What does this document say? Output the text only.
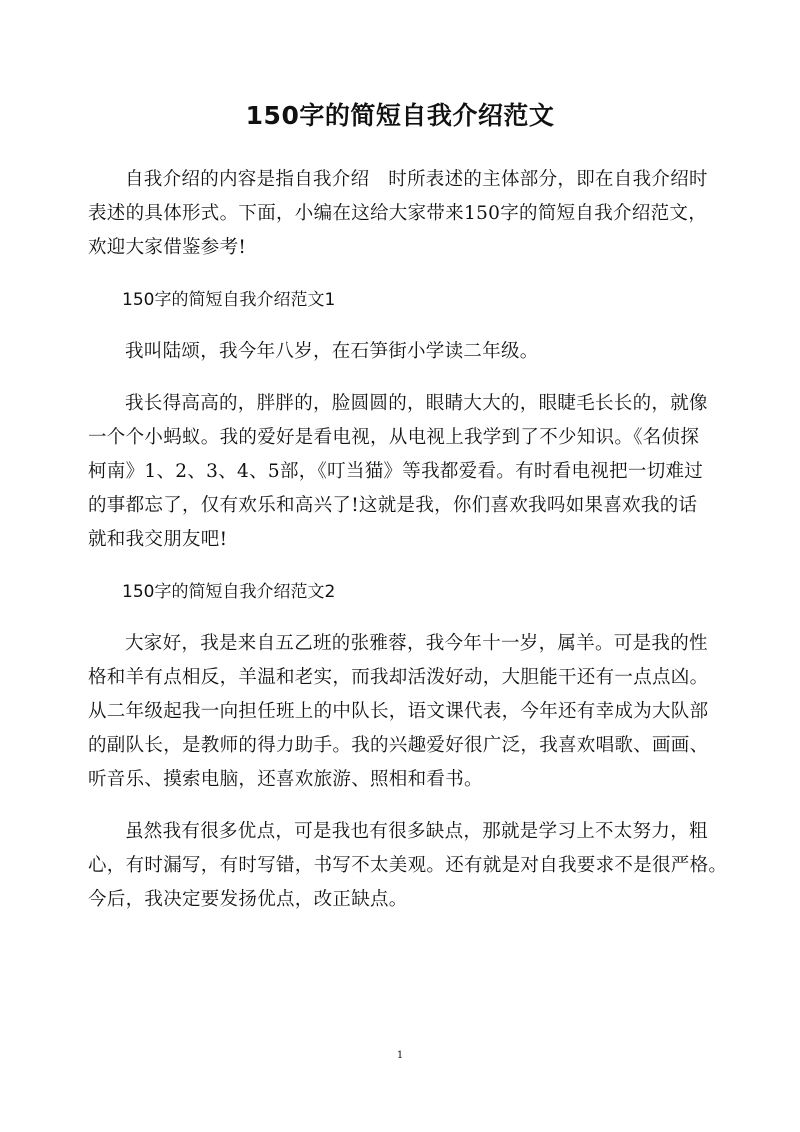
150字的简短自我介绍范文
自我介绍的内容是指自我介绍　时所表述的主体部分，即在自我介绍时
表述的具体形式。下面，小编在这给大家带来150字的简短自我介绍范文，
欢迎大家借鉴参考!
150字的简短自我介绍范文1
我叫陆颂，我今年八岁，在石笋街小学读二年级。
我长得高高的，胖胖的，脸圆圆的，眼睛大大的，眼睫毛长长的，就像
一个个小蚂蚁。我的爱好是看电视，从电视上我学到了不少知识。《名侦探
柯南》1、2、3、4、5部，《叮当猫》等我都爱看。有时看电视把一切难过
的事都忘了，仅有欢乐和高兴了!这就是我，你们喜欢我吗如果喜欢我的话
就和我交朋友吧!
150字的简短自我介绍范文2
大家好，我是来自五乙班的张雅蓉，我今年十一岁，属羊。可是我的性
格和羊有点相反，羊温和老实，而我却活泼好动，大胆能干还有一点点凶。
从二年级起我一向担任班上的中队长，语文课代表，今年还有幸成为大队部
的副队长，是教师的得力助手。我的兴趣爱好很广泛，我喜欢唱歌、画画、
听音乐、摸索电脑，还喜欢旅游、照相和看书。
虽然我有很多优点，可是我也有很多缺点，那就是学习上不太努力，粗
心，有时漏写，有时写错，书写不太美观。还有就是对自我要求不是很严格。
今后，我决定要发扬优点，改正缺点。
1
